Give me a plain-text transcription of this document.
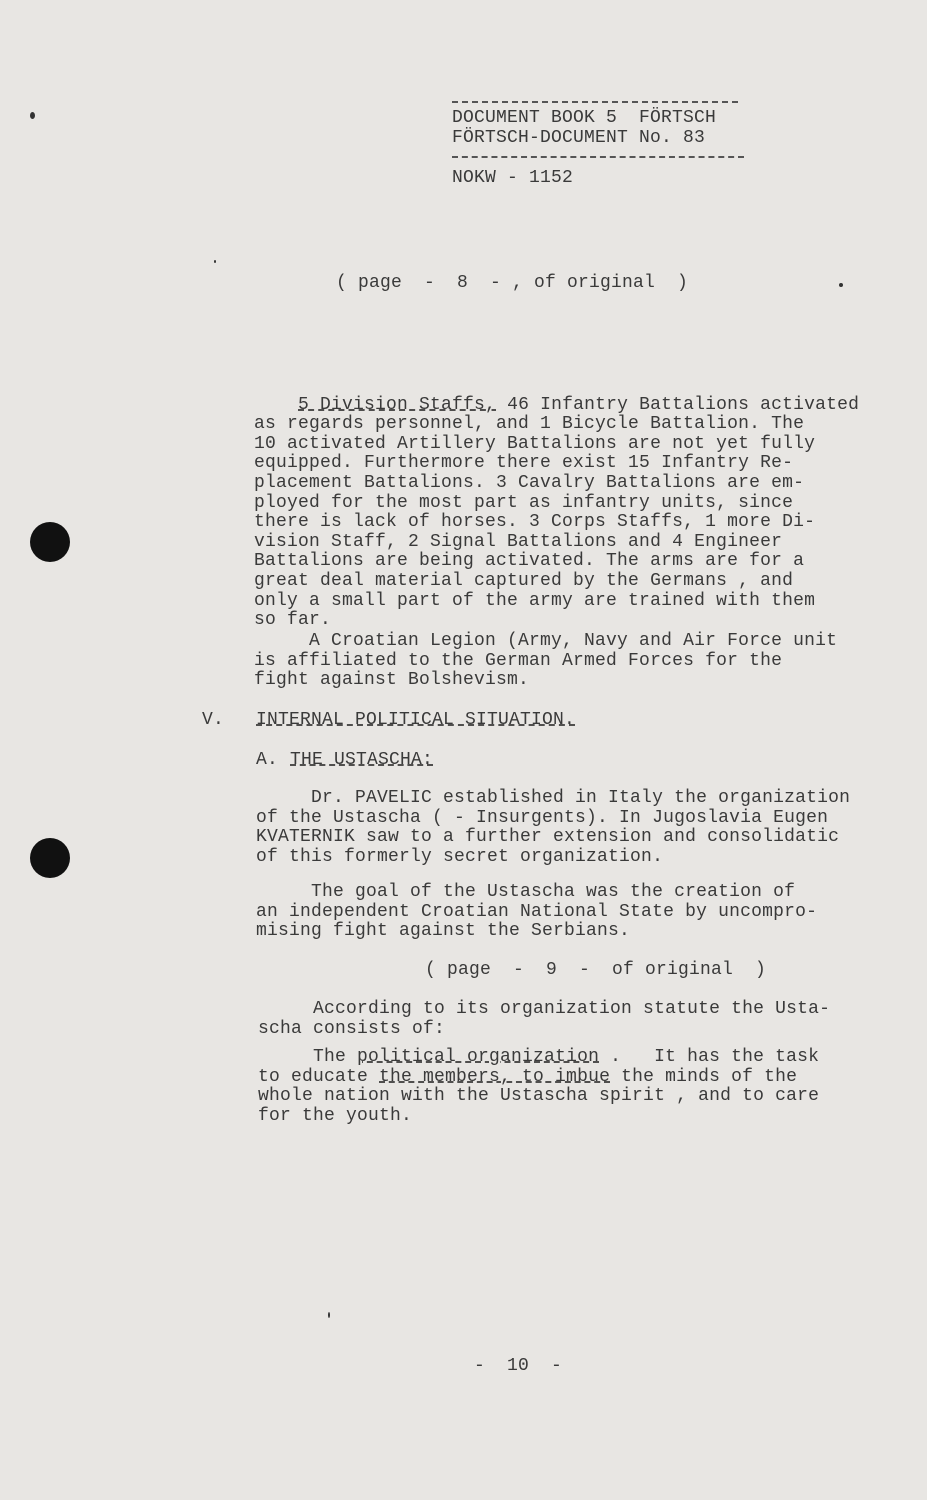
DOCUMENT BOOK 5  FÖRTSCH
FÖRTSCH-DOCUMENT No. 83
NOKW - 1152
( page  -  8  - , of original  )

5 Division Staffs, 46 Infantry Battalions activated
as regards personnel, and 1 Bicycle Battalion. The
10 activated Artillery Battalions are not yet fully
equipped. Furthermore there exist 15 Infantry Re-
placement Battalions. 3 Cavalry Battalions are em-
ployed for the most part as infantry units, since
there is lack of horses. 3 Corps Staffs, 1 more Di-
vision Staff, 2 Signal Battalions and 4 Engineer
Battalions are being activated. The arms are for a
great deal material captured by the Germans , and
only a small part of the army are trained with them
so far.
A Croatian Legion (Army, Navy and Air Force unit
is affiliated to the German Armed Forces for the
fight against Bolshevism.
V. INTERNAL POLITICAL SITUATION.
A. THE USTASCHA:
Dr. PAVELIC established in Italy the organization
of the Ustascha ( - Insurgents). In Jugoslavia Eugen
KVATERNIK saw to a further extension and consolidatic
of this formerly secret organization.
The goal of the Ustascha was the creation of
an independent Croatian National State by uncompro-
mising fight against the Serbians.
( page  -  9  -  of original  )
According to its organization statute the Usta-
scha consists of:
The political organization .   It has the task
to educate the members, to imbue the minds of the
whole nation with the Ustascha spirit , and to care
for the youth.
-  10  -
